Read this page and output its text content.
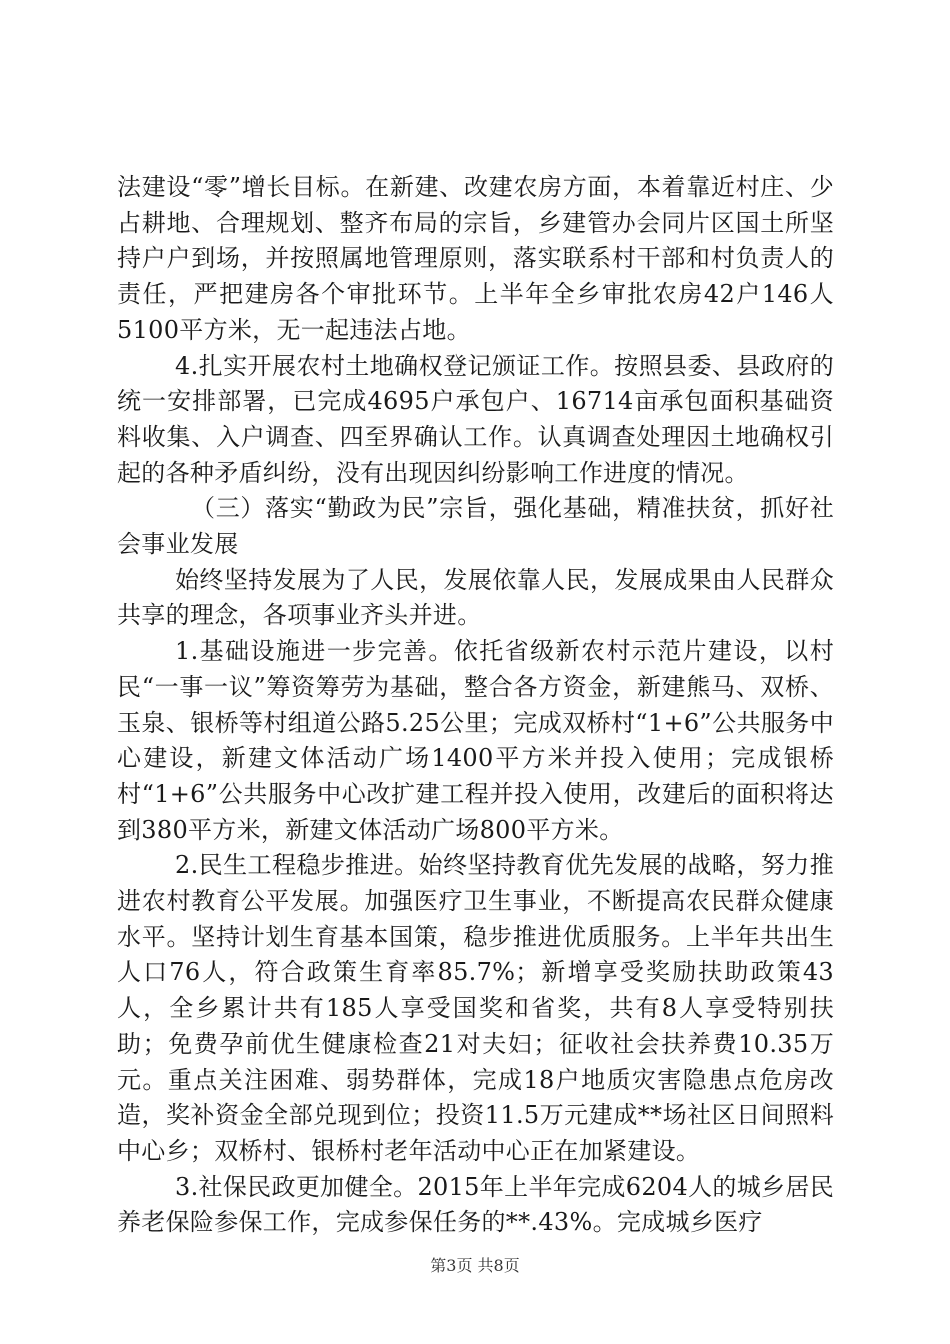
法建设“零”增长目标。在新建、改建农房方面，本着靠近村庄、少占耕地、合理规划、整齐布局的宗旨，乡建管办会同片区国土所坚持户户到场，并按照属地管理原则，落实联系村干部和村负责人的责任，严把建房各个审批环节。上半年全乡审批农房42户146人5100平方米，无一起违法占地。

4.扎实开展农村土地确权登记颁证工作。按照县委、县政府的统一安排部署，已完成4695户承包户、16714亩承包面积基础资料收集、入户调查、四至界确认工作。认真调查处理因土地确权引起的各种矛盾纠纷，没有出现因纠纷影响工作进度的情况。

（三）落实“勤政为民”宗旨，强化基础，精准扶贫，抓好社会事业发展

始终坚持发展为了人民，发展依靠人民，发展成果由人民群众共享的理念，各项事业齐头并进。

1.基础设施进一步完善。依托省级新农村示范片建设，以村民“一事一议”筹资筹劳为基础，整合各方资金，新建熊马、双桥、玉泉、银桥等村组道公路5.25公里；完成双桥村“1+6”公共服务中心建设，新建文体活动广场1400平方米并投入使用；完成银桥村“1+6”公共服务中心改扩建工程并投入使用，改建后的面积将达到380平方米，新建文体活动广场800平方米。

2.民生工程稳步推进。始终坚持教育优先发展的战略，努力推进农村教育公平发展。加强医疗卫生事业，不断提高农民群众健康水平。坚持计划生育基本国策，稳步推进优质服务。上半年共出生人口76人，符合政策生育率85.7%；新增享受奖励扶助政策43人，全乡累计共有185人享受国奖和省奖，共有8人享受特别扶助；免费孕前优生健康检查21对夫妇；征收社会扶养费10.35万元。重点关注困难、弱势群体，完成18户地质灾害隐患点危房改造，奖补资金全部兑现到位；投资11.5万元建成**场社区日间照料中心乡；双桥村、银桥村老年活动中心正在加紧建设。

3.社保民政更加健全。2015年上半年完成6204人的城乡居民养老保险参保工作，完成参保任务的**.43%。完成城乡医疗

第3页 共8页
